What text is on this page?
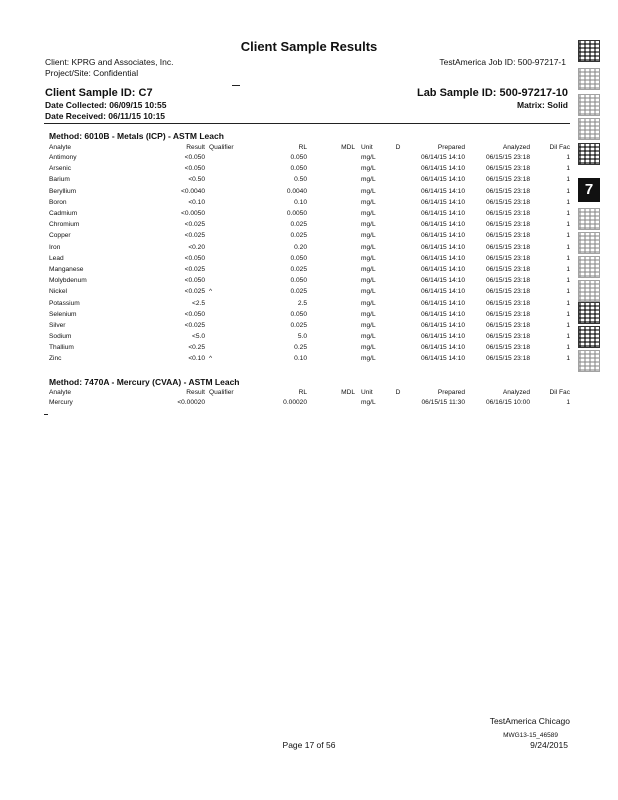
Client Sample Results
Client: KPRG and Associates, Inc.
Project/Site: Confidential
TestAmerica Job ID: 500-97217-1
Client Sample ID: C7	Lab Sample ID: 500-97217-10
Date Collected: 06/09/15 10:55	Matrix: Solid
Date Received: 06/11/15 10:15
Method: 6010B - Metals (ICP) - ASTM Leach
Analyte	Result	Qualifier	RL	MDL	Unit	D	Prepared	Analyzed	Dil Fac
Antimony	<0.050		0.050		mg/L		06/14/15 14:10	06/15/15 23:18	1
Arsenic	<0.050		0.050		mg/L		06/14/15 14:10	06/15/15 23:18	1
Barium	<0.50		0.50		mg/L		06/14/15 14:10	06/15/15 23:18	1
Beryllium	<0.0040		0.0040		mg/L		06/14/15 14:10	06/15/15 23:18	1
Boron	<0.10		0.10		mg/L		06/14/15 14:10	06/15/15 23:18	1
Cadmium	<0.0050		0.0050		mg/L		06/14/15 14:10	06/15/15 23:18	1
Chromium	<0.025		0.025		mg/L		06/14/15 14:10	06/15/15 23:18	1
Copper	<0.025		0.025		mg/L		06/14/15 14:10	06/15/15 23:18	1
Iron	<0.20		0.20		mg/L		06/14/15 14:10	06/15/15 23:18	1
Lead	<0.050		0.050		mg/L		06/14/15 14:10	06/15/15 23:18	1
Manganese	<0.025		0.025		mg/L		06/14/15 14:10	06/15/15 23:18	1
Molybdenum	<0.050		0.050		mg/L		06/14/15 14:10	06/15/15 23:18	1
Nickel	<0.025	^	0.025		mg/L		06/14/15 14:10	06/15/15 23:18	1
Potassium	<2.5		2.5		mg/L		06/14/15 14:10	06/15/15 23:18	1
Selenium	<0.050		0.050		mg/L		06/14/15 14:10	06/15/15 23:18	1
Silver	<0.025		0.025		mg/L		06/14/15 14:10	06/15/15 23:18	1
Sodium	<5.0		5.0		mg/L		06/14/15 14:10	06/15/15 23:18	1
Thallium	<0.25		0.25		mg/L		06/14/15 14:10	06/15/15 23:18	1
Zinc	<0.10	^	0.10		mg/L		06/14/15 14:10	06/15/15 23:18	1
Method: 7470A - Mercury (CVAA) - ASTM Leach
Analyte	Result	Qualifier	RL	MDL	Unit	D	Prepared	Analyzed	Dil Fac
Mercury	<0.00020		0.00020		mg/L		06/15/15 11:30	06/16/15 10:00	1
7
TestAmerica Chicago
MWG13-15_46589
Page 17 of 56	9/24/2015
